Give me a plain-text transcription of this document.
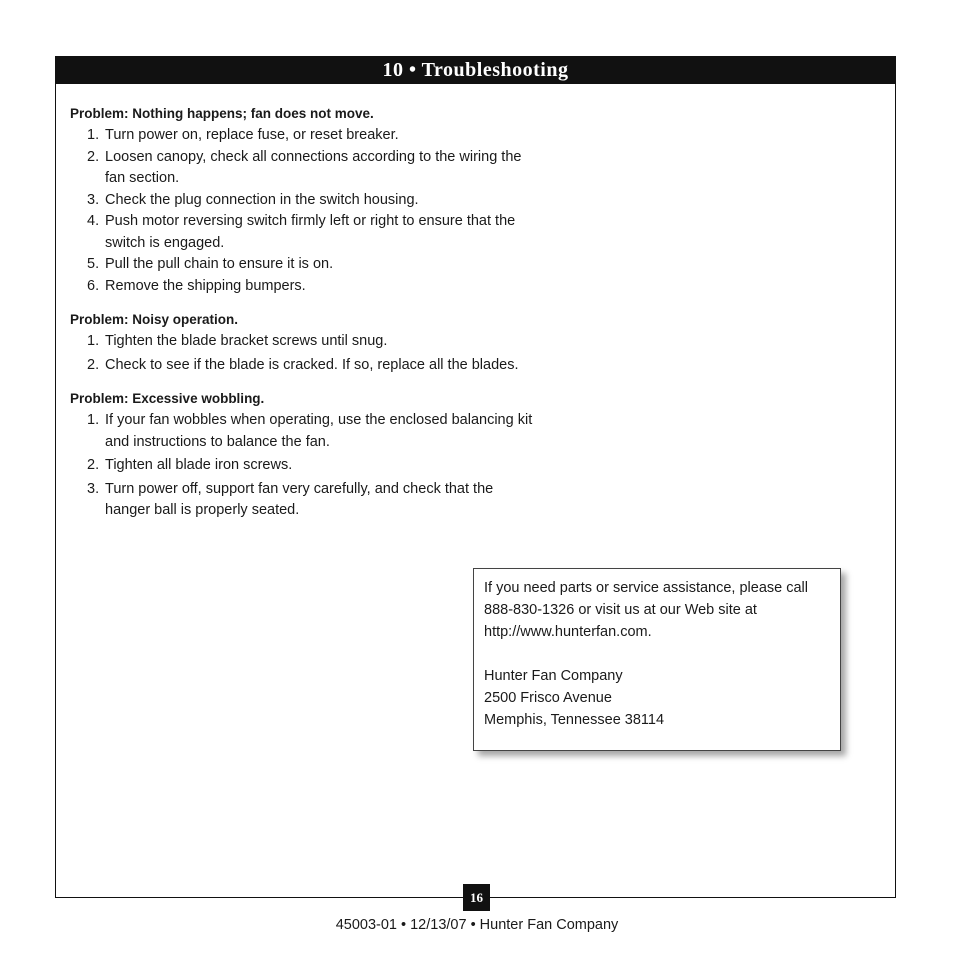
10 • Troubleshooting

Problem: Nothing happens; fan does not move.

1. Turn power on, replace fuse, or reset breaker.
2. Loosen canopy, check all connections according to the wiring the
fan section.
3. Check the plug connection in the switch housing.
4. Push motor reversing switch firmly left or right to ensure that the
switch is engaged.
5. Pull the pull chain to ensure it is on.
6. Remove the shipping bumpers.

Problem: Noisy operation.

1. Tighten the blade bracket screws until snug.
2. Check to see if the blade is cracked. If so, replace all the blades.

Problem: Excessive wobbling.

1. If your fan wobbles when operating, use the enclosed balancing kit
and instructions to balance the fan.
2. Tighten all blade iron screws.
3. Turn power off, support fan very carefully, and check that the
hanger ball is properly seated.

If you need parts or service assistance, please call

888-830-1326 or visit us at our Web site at

http://www.hunterfan.com.

Hunter Fan Company

2500 Frisco Avenue

Memphis, Tennessee 38114

16
45003-01 • 12/13/07 • Hunter Fan Company
